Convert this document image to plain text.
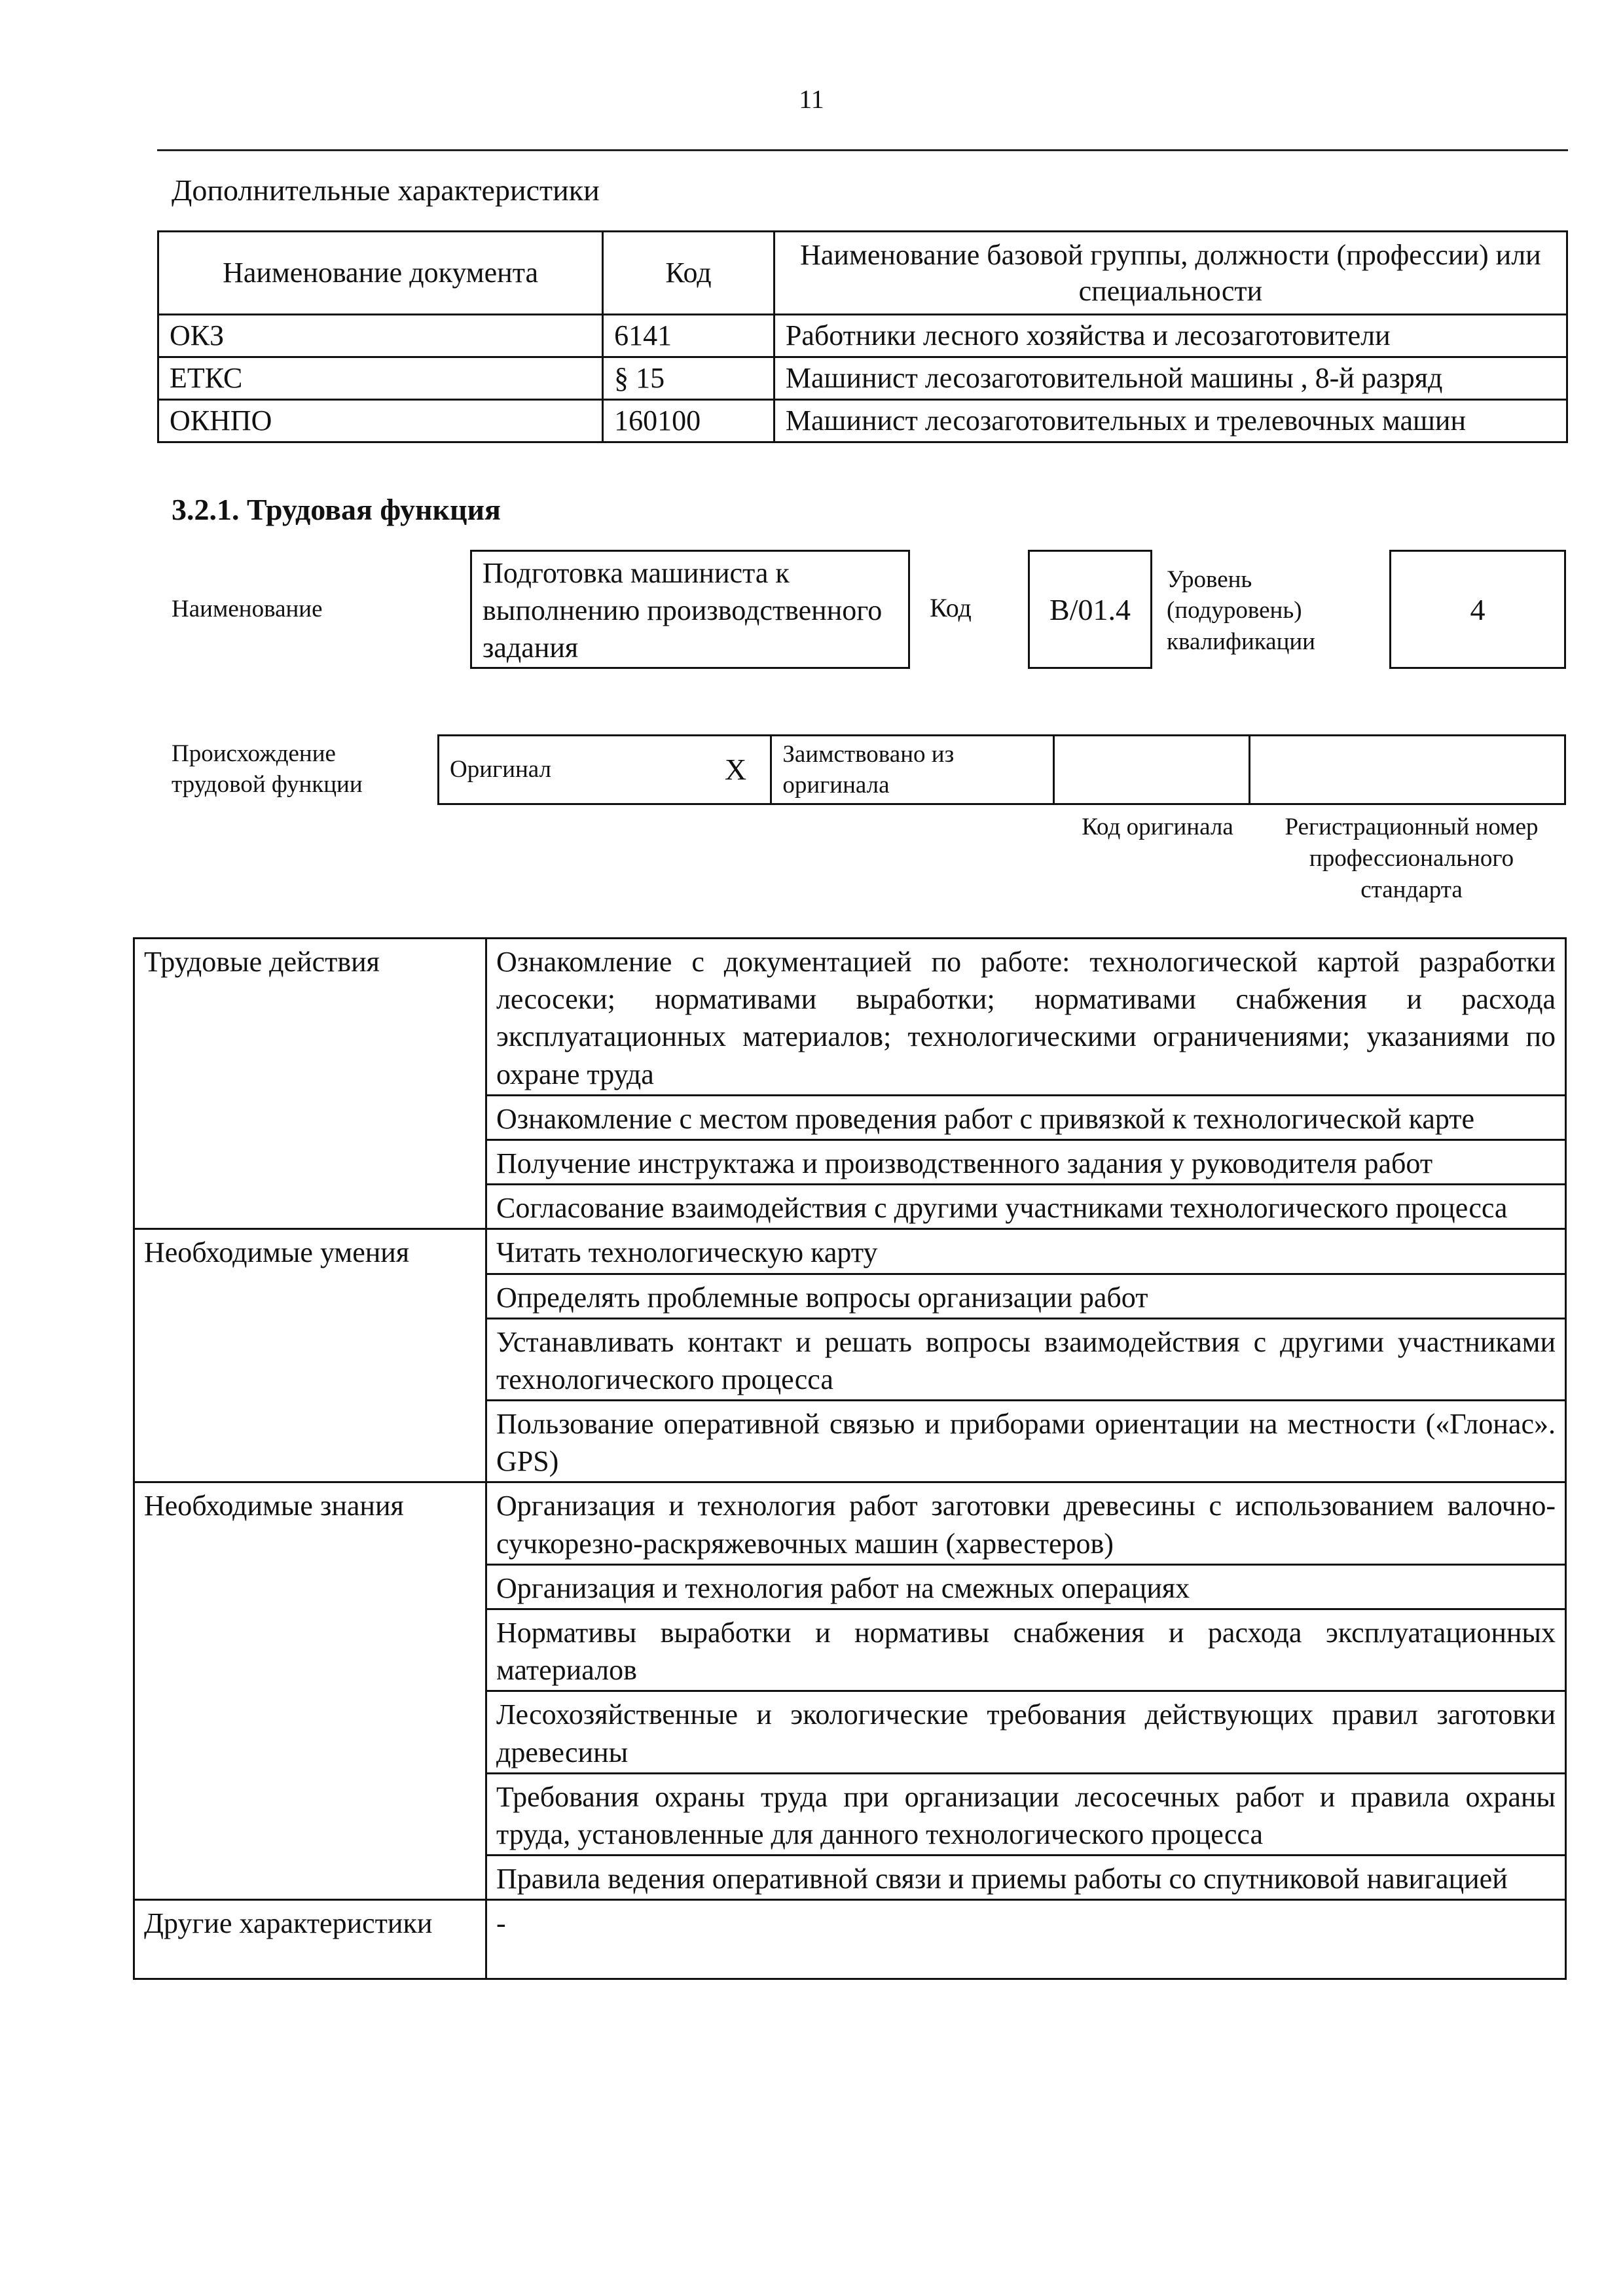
11
Дополнительные характеристики
Наименование документа	Код	Наименование базовой группы, должности (профессии) или специальности
ОКЗ	6141	Работники лесного хозяйства и лесозаготовители
ЕТКС	§ 15	Машинист лесозаготовительной машины , 8-й разряд
ОКНПО	160100	Машинист лесозаготовительных и трелевочных машин
3.2.1. Трудовая функция
Наименование
Подготовка машиниста к выполнению производственного задания
Код	B/01.4
Уровень (подуровень) квалификации
4
Происхождение трудовой функции
Оригинал	X	Заимствовано из оригинала		
Код оригинала	Регистрационный номер профессионального стандарта
Трудовые действия	Ознакомление с документацией по работе: технологической картой разработки лесосеки; нормативами выработки; нормативами снабжения и расхода эксплуатационных материалов; технологическими ограничениями; указаниями по охране труда
	Ознакомление с местом проведения работ с привязкой к технологической карте
	Получение инструктажа и производственного задания у руководителя работ
	Согласование взаимодействия с другими участниками технологического процесса
Необходимые умения	Читать технологическую карту
	Определять проблемные вопросы организации работ
	Устанавливать контакт и решать вопросы взаимодействия с другими участниками технологического процесса
	Пользование оперативной связью и приборами ориентации на местности («Глонас». GPS)
Необходимые знания	Организация и технология работ заготовки древесины с использованием валочно-сучкорезно-раскряжевочных машин (харвестеров)
	Организация и технология работ на смежных операциях
	Нормативы выработки и нормативы снабжения и расхода эксплуатационных материалов
	Лесохозяйственные и экологические требования действующих правил заготовки древесины
	Требования охраны труда при организации лесосечных работ и правила охраны труда, установленные для данного технологического процесса
	Правила ведения оперативной связи и приемы работы со спутниковой навигацией
Другие характеристики	-
